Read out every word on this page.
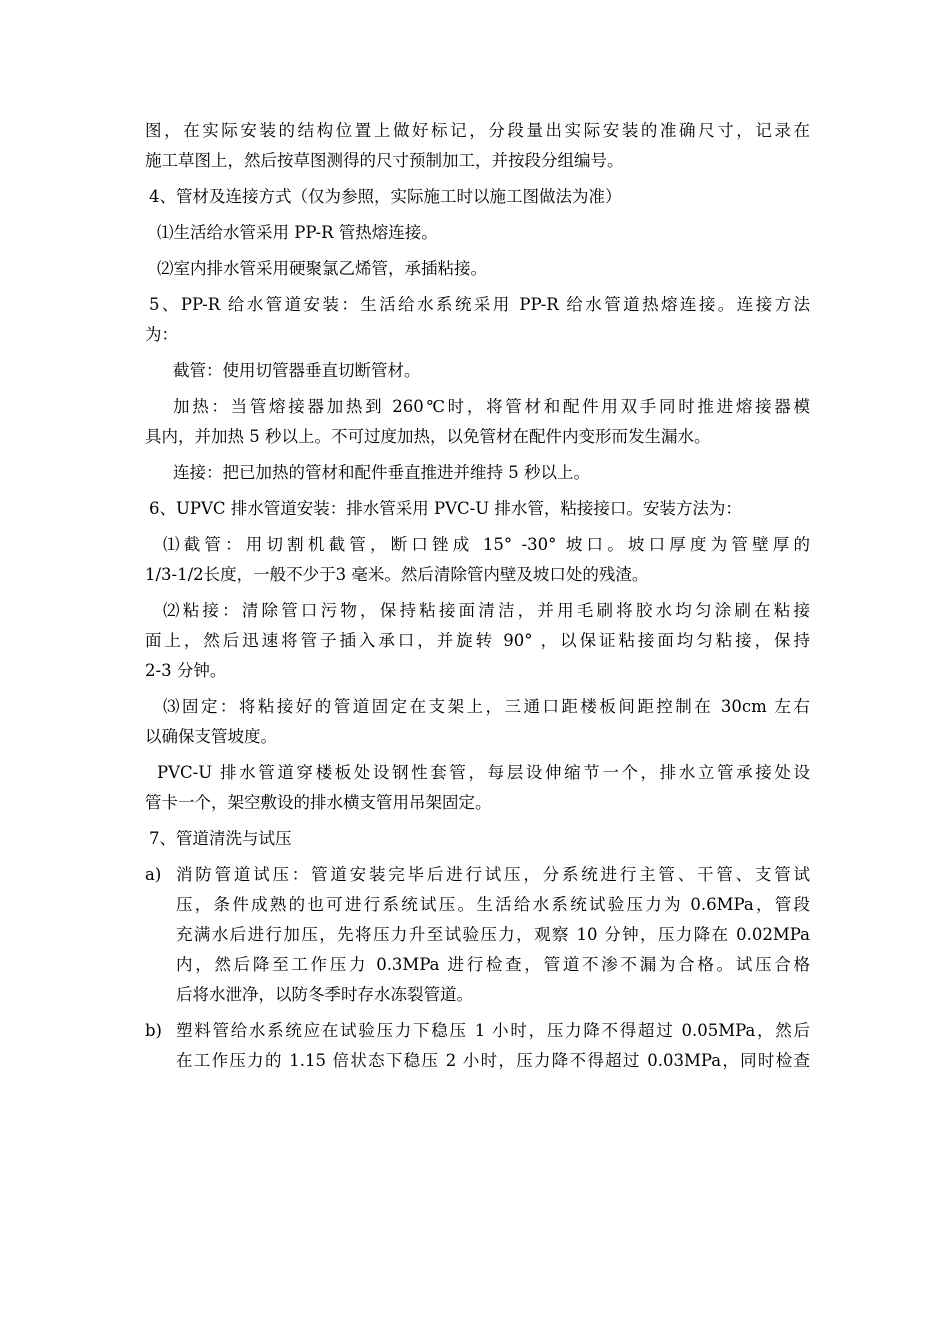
图，在实际安装的结构位置上做好标记，分段量出实际安装的准确尺寸，记录在
施工草图上，然后按草图测得的尺寸预制加工，并按段分组编号。
4、管材及连接方式（仅为参照，实际施工时以施工图做法为准）
⑴生活给水管采用 PP-R 管热熔连接。
⑵室内排水管采用硬聚氯乙烯管，承插粘接。
5、PP-R 给水管道安装：生活给水系统采用 PP-R 给水管道热熔连接。连接方法
为：
截管：使用切管器垂直切断管材。
加热：当管熔接器加热到 260℃时，将管材和配件用双手同时推进熔接器模
具内，并加热 5 秒以上。不可过度加热，以免管材在配件内变形而发生漏水。
连接：把已加热的管材和配件垂直推进并维持 5 秒以上。
6、UPVC 排水管道安装：排水管采用 PVC-U 排水管，粘接接口。安装方法为：
⑴截管：用切割机截管，断口锉成 15° -30° 坡口。坡口厚度为管壁厚的
1/3-1/2长度，一般不少于3 毫米。然后清除管内壁及坡口处的残渣。
⑵粘接：清除管口污物，保持粘接面清洁，并用毛刷将胶水均匀涂刷在粘接
面上，然后迅速将管子插入承口，并旋转 90° ，以保证粘接面均匀粘接，保持
2-3 分钟。
⑶固定：将粘接好的管道固定在支架上，三通口距楼板间距控制在 30cm 左右
以确保支管坡度。
PVC-U 排水管道穿楼板处设钢性套管，每层设伸缩节一个，排水立管承接处设
管卡一个，架空敷设的排水横支管用吊架固定。
7、管道清洗与试压
a) 消防管道试压：管道安装完毕后进行试压，分系统进行主管、干管、支管试
压，条件成熟的也可进行系统试压。生活给水系统试验压力为 0.6MPa，管段
充满水后进行加压，先将压力升至试验压力，观察 10 分钟，压力降在 0.02MPa
内，然后降至工作压力 0.3MPa 进行检查，管道不渗不漏为合格。试压合格
后将水泄净，以防冬季时存水冻裂管道。
b) 塑料管给水系统应在试验压力下稳压 1 小时，压力降不得超过 0.05MPa，然后
在工作压力的 1.15 倍状态下稳压 2 小时，压力降不得超过 0.03MPa，同时检查
